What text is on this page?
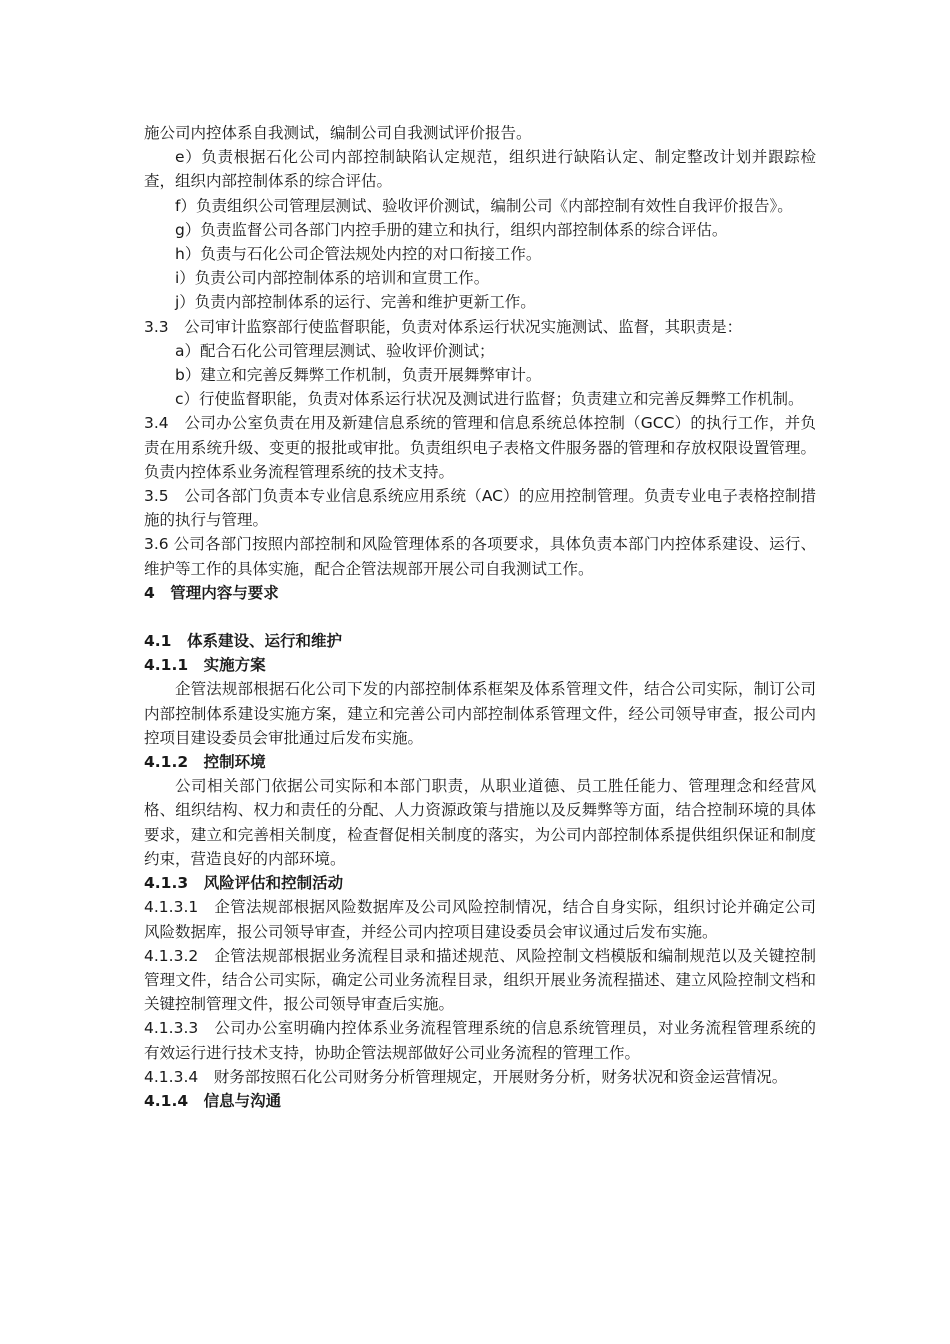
施公司内控体系自我测试，编制公司自我测试评价报告。

e）负责根据石化公司内部控制缺陷认定规范，组织进行缺陷认定、制定整改计划并跟踪检查，组织内部控制体系的综合评估。

f）负责组织公司管理层测试、验收评价测试，编制公司《内部控制有效性自我评价报告》。

g）负责监督公司各部门内控手册的建立和执行，组织内部控制体系的综合评估。

h）负责与石化公司企管法规处内控的对口衔接工作。

i）负责公司内部控制体系的培训和宣贯工作。

j）负责内部控制体系的运行、完善和维护更新工作。

3.3　公司审计监察部行使监督职能，负责对体系运行状况实施测试、监督，其职责是：

a）配合石化公司管理层测试、验收评价测试；

b）建立和完善反舞弊工作机制，负责开展舞弊审计。

c）行使监督职能，负责对体系运行状况及测试进行监督；负责建立和完善反舞弊工作机制。

3.4　公司办公室负责在用及新建信息系统的管理和信息系统总体控制（GCC）的执行工作，并负责在用系统升级、变更的报批或审批。负责组织电子表格文件服务器的管理和存放权限设置管理。负责内控体系业务流程管理系统的技术支持。

3.5　公司各部门负责本专业信息系统应用系统（AC）的应用控制管理。负责专业电子表格控制措施的执行与管理。

3.6 公司各部门按照内部控制和风险管理体系的各项要求，具体负责本部门内控体系建设、运行、维护等工作的具体实施，配合企管法规部开展公司自我测试工作。

4　管理内容与要求

4.1　体系建设、运行和维护

4.1.1　实施方案

企管法规部根据石化公司下发的内部控制体系框架及体系管理文件，结合公司实际，制订公司内部控制体系建设实施方案，建立和完善公司内部控制体系管理文件，经公司领导审查，报公司内控项目建设委员会审批通过后发布实施。

4.1.2　控制环境

公司相关部门依据公司实际和本部门职责，从职业道德、员工胜任能力、管理理念和经营风格、组织结构、权力和责任的分配、人力资源政策与措施以及反舞弊等方面，结合控制环境的具体要求，建立和完善相关制度，检查督促相关制度的落实，为公司内部控制体系提供组织保证和制度约束，营造良好的内部环境。

4.1.3　风险评估和控制活动

4.1.3.1　企管法规部根据风险数据库及公司风险控制情况，结合自身实际，组织讨论并确定公司风险数据库，报公司领导审查，并经公司内控项目建设委员会审议通过后发布实施。

4.1.3.2　企管法规部根据业务流程目录和描述规范、风险控制文档模版和编制规范以及关键控制管理文件，结合公司实际，确定公司业务流程目录，组织开展业务流程描述、建立风险控制文档和关键控制管理文件，报公司领导审查后实施。

4.1.3.3　公司办公室明确内控体系业务流程管理系统的信息系统管理员，对业务流程管理系统的有效运行进行技术支持，协助企管法规部做好公司业务流程的管理工作。

4.1.3.4　财务部按照石化公司财务分析管理规定，开展财务分析，财务状况和资金运营情况。

4.1.4　信息与沟通
